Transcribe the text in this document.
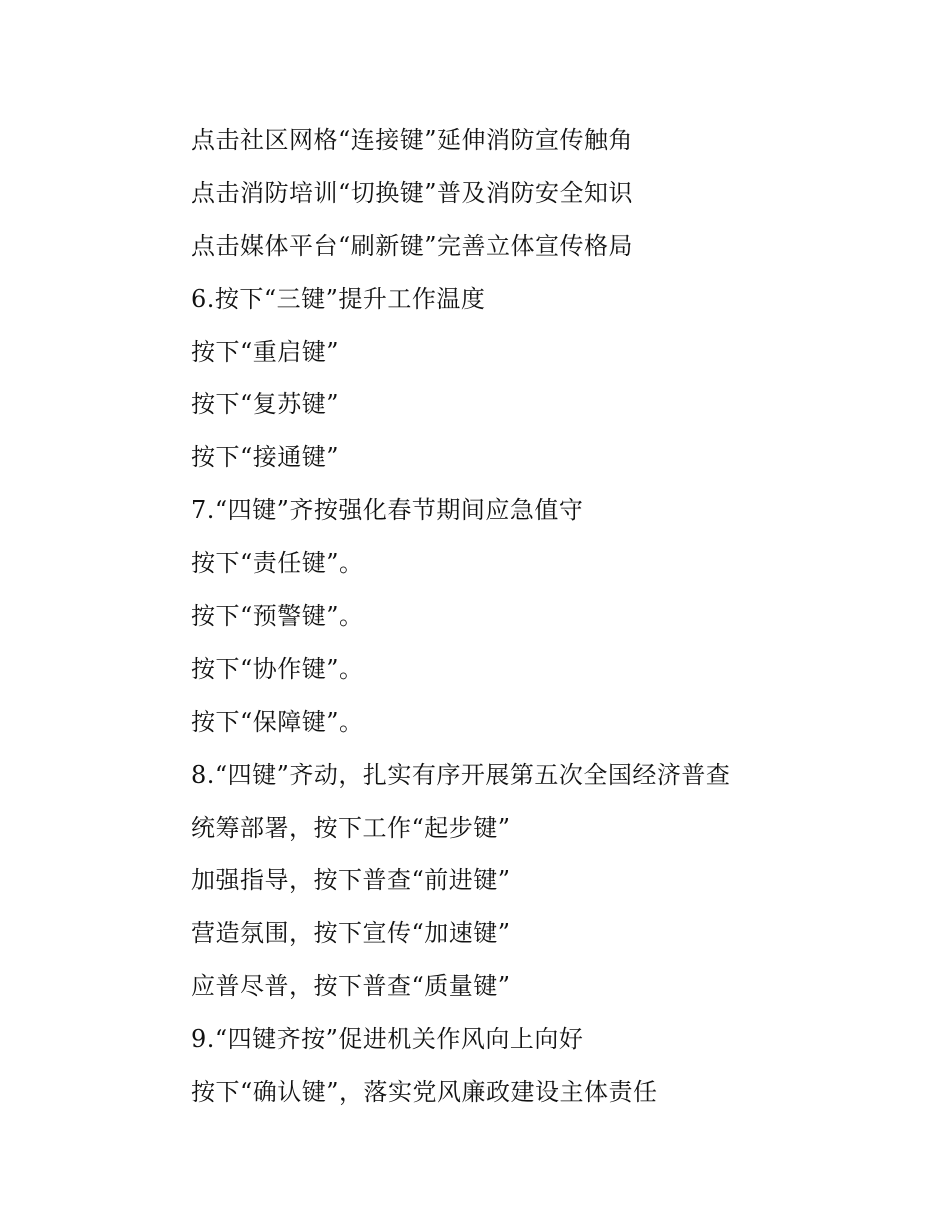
点击社区网格“连接键”延伸消防宣传触角
点击消防培训“切换键”普及消防安全知识
点击媒体平台“刷新键”完善立体宣传格局
6.按下“三键”提升工作温度
按下“重启键”
按下“复苏键”
按下“接通键”
7.“四键”齐按强化春节期间应急值守
按下“责任键”。
按下“预警键”。
按下“协作键”。
按下“保障键”。
8.“四键”齐动，扎实有序开展第五次全国经济普查
统筹部署，按下工作“起步键”
加强指导，按下普查“前进键”
营造氛围，按下宣传“加速键”
应普尽普，按下普查“质量键”
9.“四键齐按”促进机关作风向上向好
按下“确认键”，落实党风廉政建设主体责任
